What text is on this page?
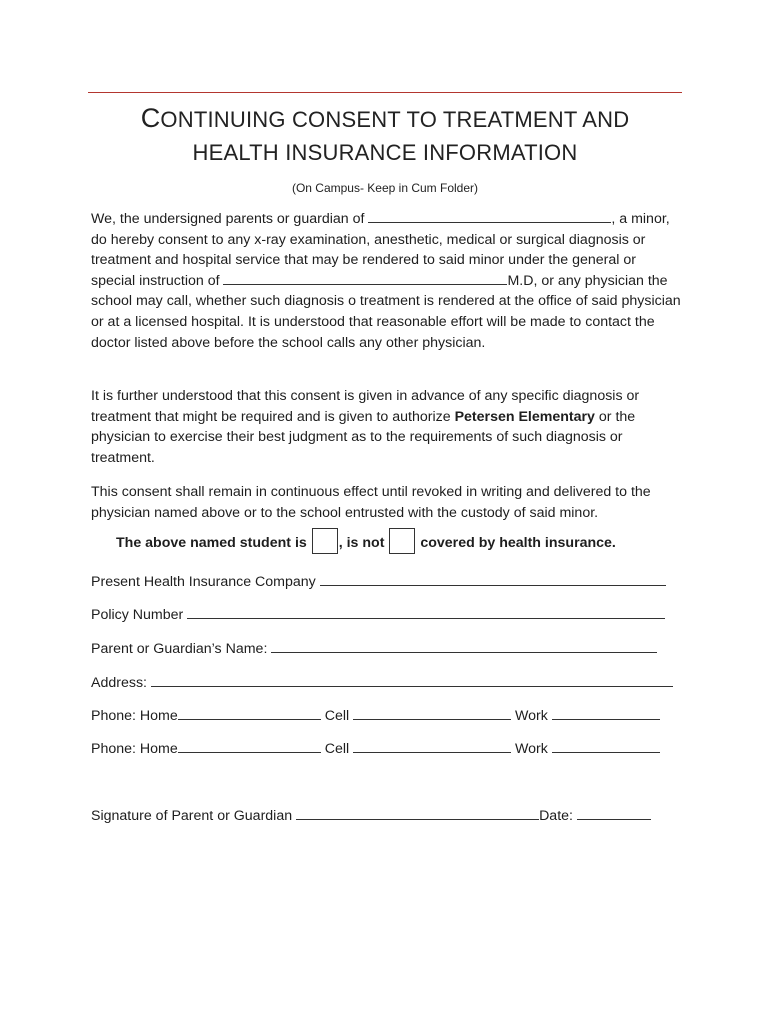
CONTINUING CONSENT TO TREATMENT AND
HEALTH INSURANCE INFORMATION
(On Campus- Keep in Cum Folder)
We, the undersigned parents or guardian of	, a minor, do hereby consent to any x-ray examination, anesthetic, medical or surgical diagnosis or treatment and hospital service that may be rendered to said minor under the general or special instruction of	M.D, or any physician the school may call, whether such diagnosis o treatment is rendered at the office of said physician or at a licensed hospital. It is understood that reasonable effort will be made to contact the doctor listed above before the school calls any other physician.
It is further understood that this consent is given in advance of any specific diagnosis or treatment that might be required and is given to authorize Petersen Elementary or the physician to exercise their best judgment as to the requirements of such diagnosis or treatment.
This consent shall remain in continuous effect until revoked in writing and delivered to the physician named above or to the school entrusted with the custody of said minor.
The above named student is , is not  covered by health insurance.
Present Health Insurance Company
Policy Number
Parent or Guardian’s Name:
Address:
Phone: Home	Cell	Work
Phone: Home	Cell	Work
Signature of Parent or Guardian	Date:
